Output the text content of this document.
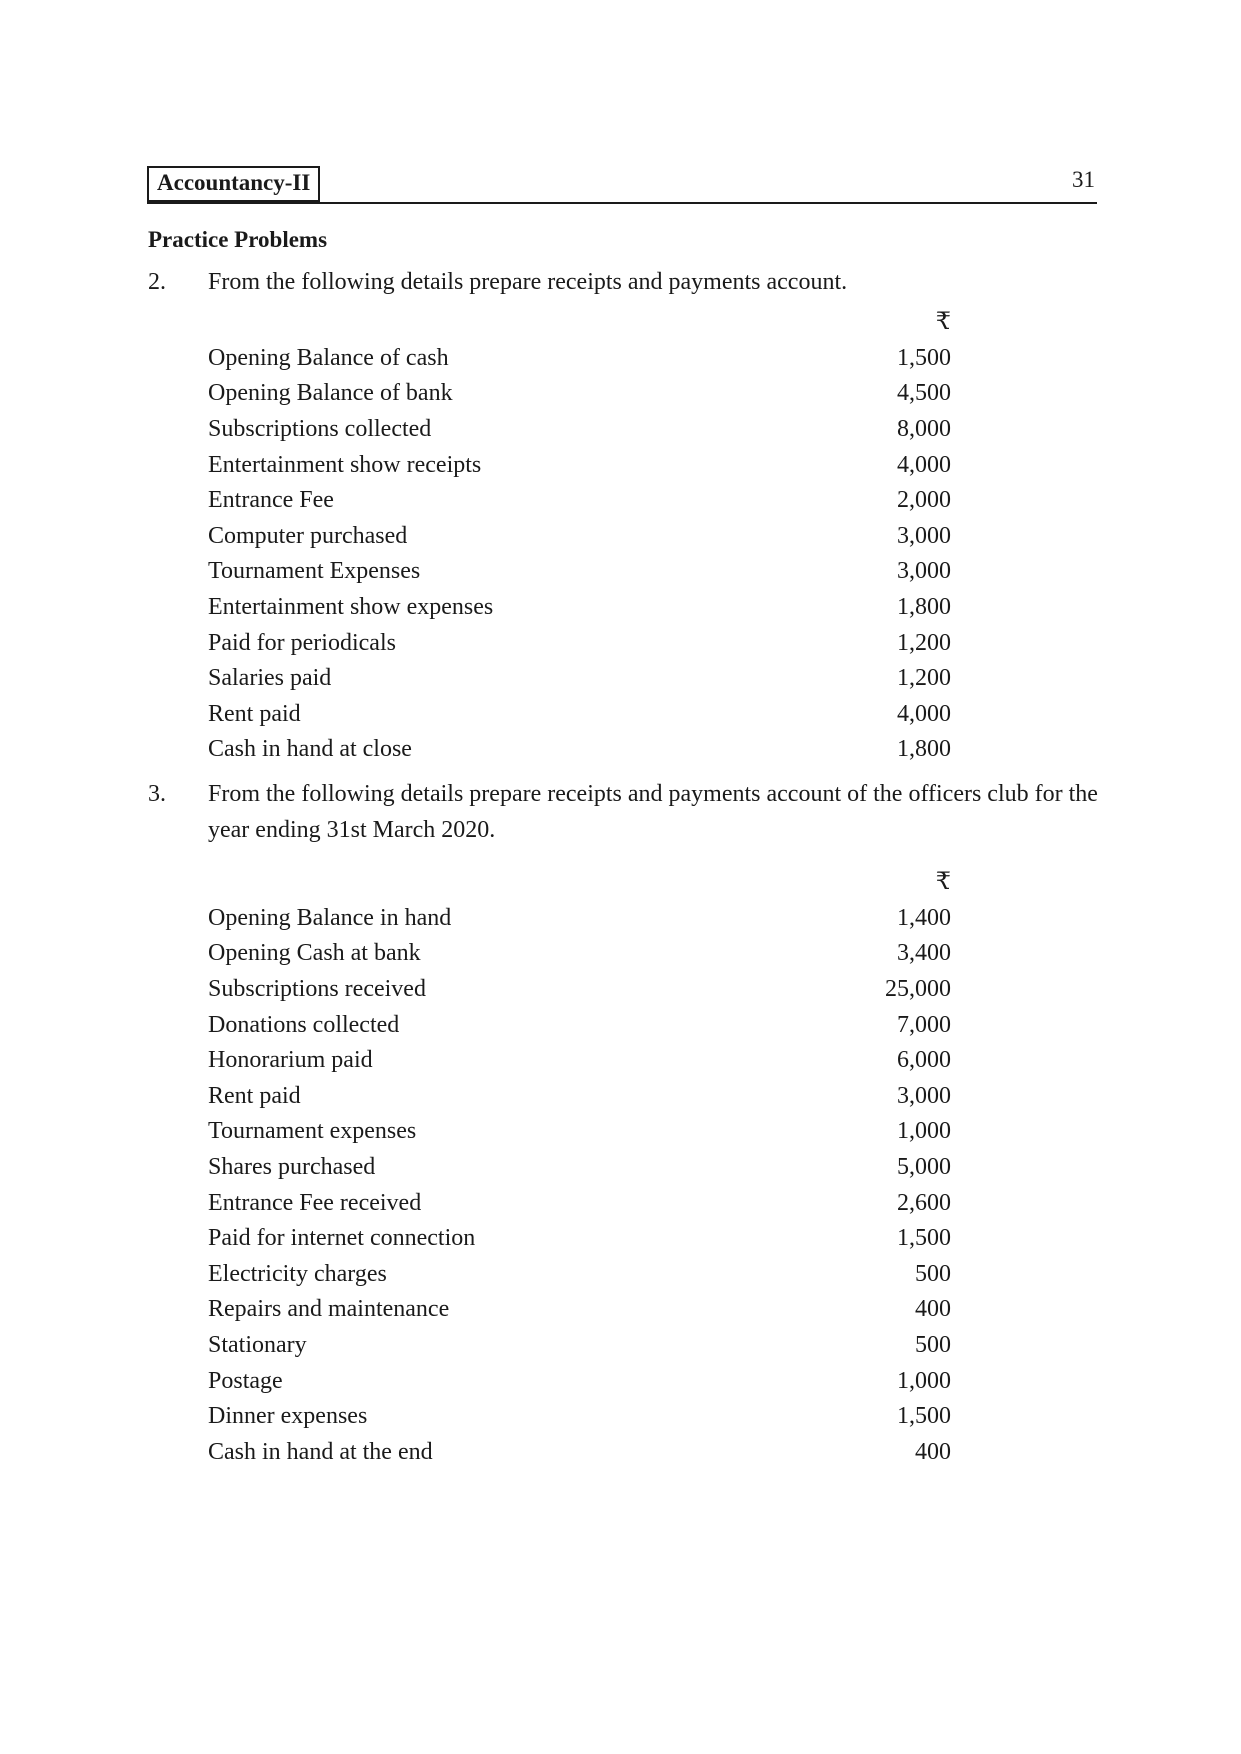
Accountancy-II	31
Practice Problems
2. From the following details prepare receipts and payments account.
₹
Opening Balance of cash	1,500
Opening Balance of bank	4,500
Subscriptions collected	8,000
Entertainment show receipts	4,000
Entrance Fee	2,000
Computer purchased	3,000
Tournament Expenses	3,000
Entertainment show expenses	1,800
Paid for periodicals	1,200
Salaries paid	1,200
Rent paid	4,000
Cash in hand at close	1,800
3. From the following details prepare receipts and payments account of the officers club for the year ending 31st March 2020.
₹
Opening Balance in hand	1,400
Opening Cash at bank	3,400
Subscriptions received	25,000
Donations collected	7,000
Honorarium paid	6,000
Rent paid	3,000
Tournament expenses	1,000
Shares purchased	5,000
Entrance Fee received	2,600
Paid for internet connection	1,500
Electricity charges	500
Repairs and maintenance	400
Stationary	500
Postage	1,000
Dinner expenses	1,500
Cash in hand at the end	400
